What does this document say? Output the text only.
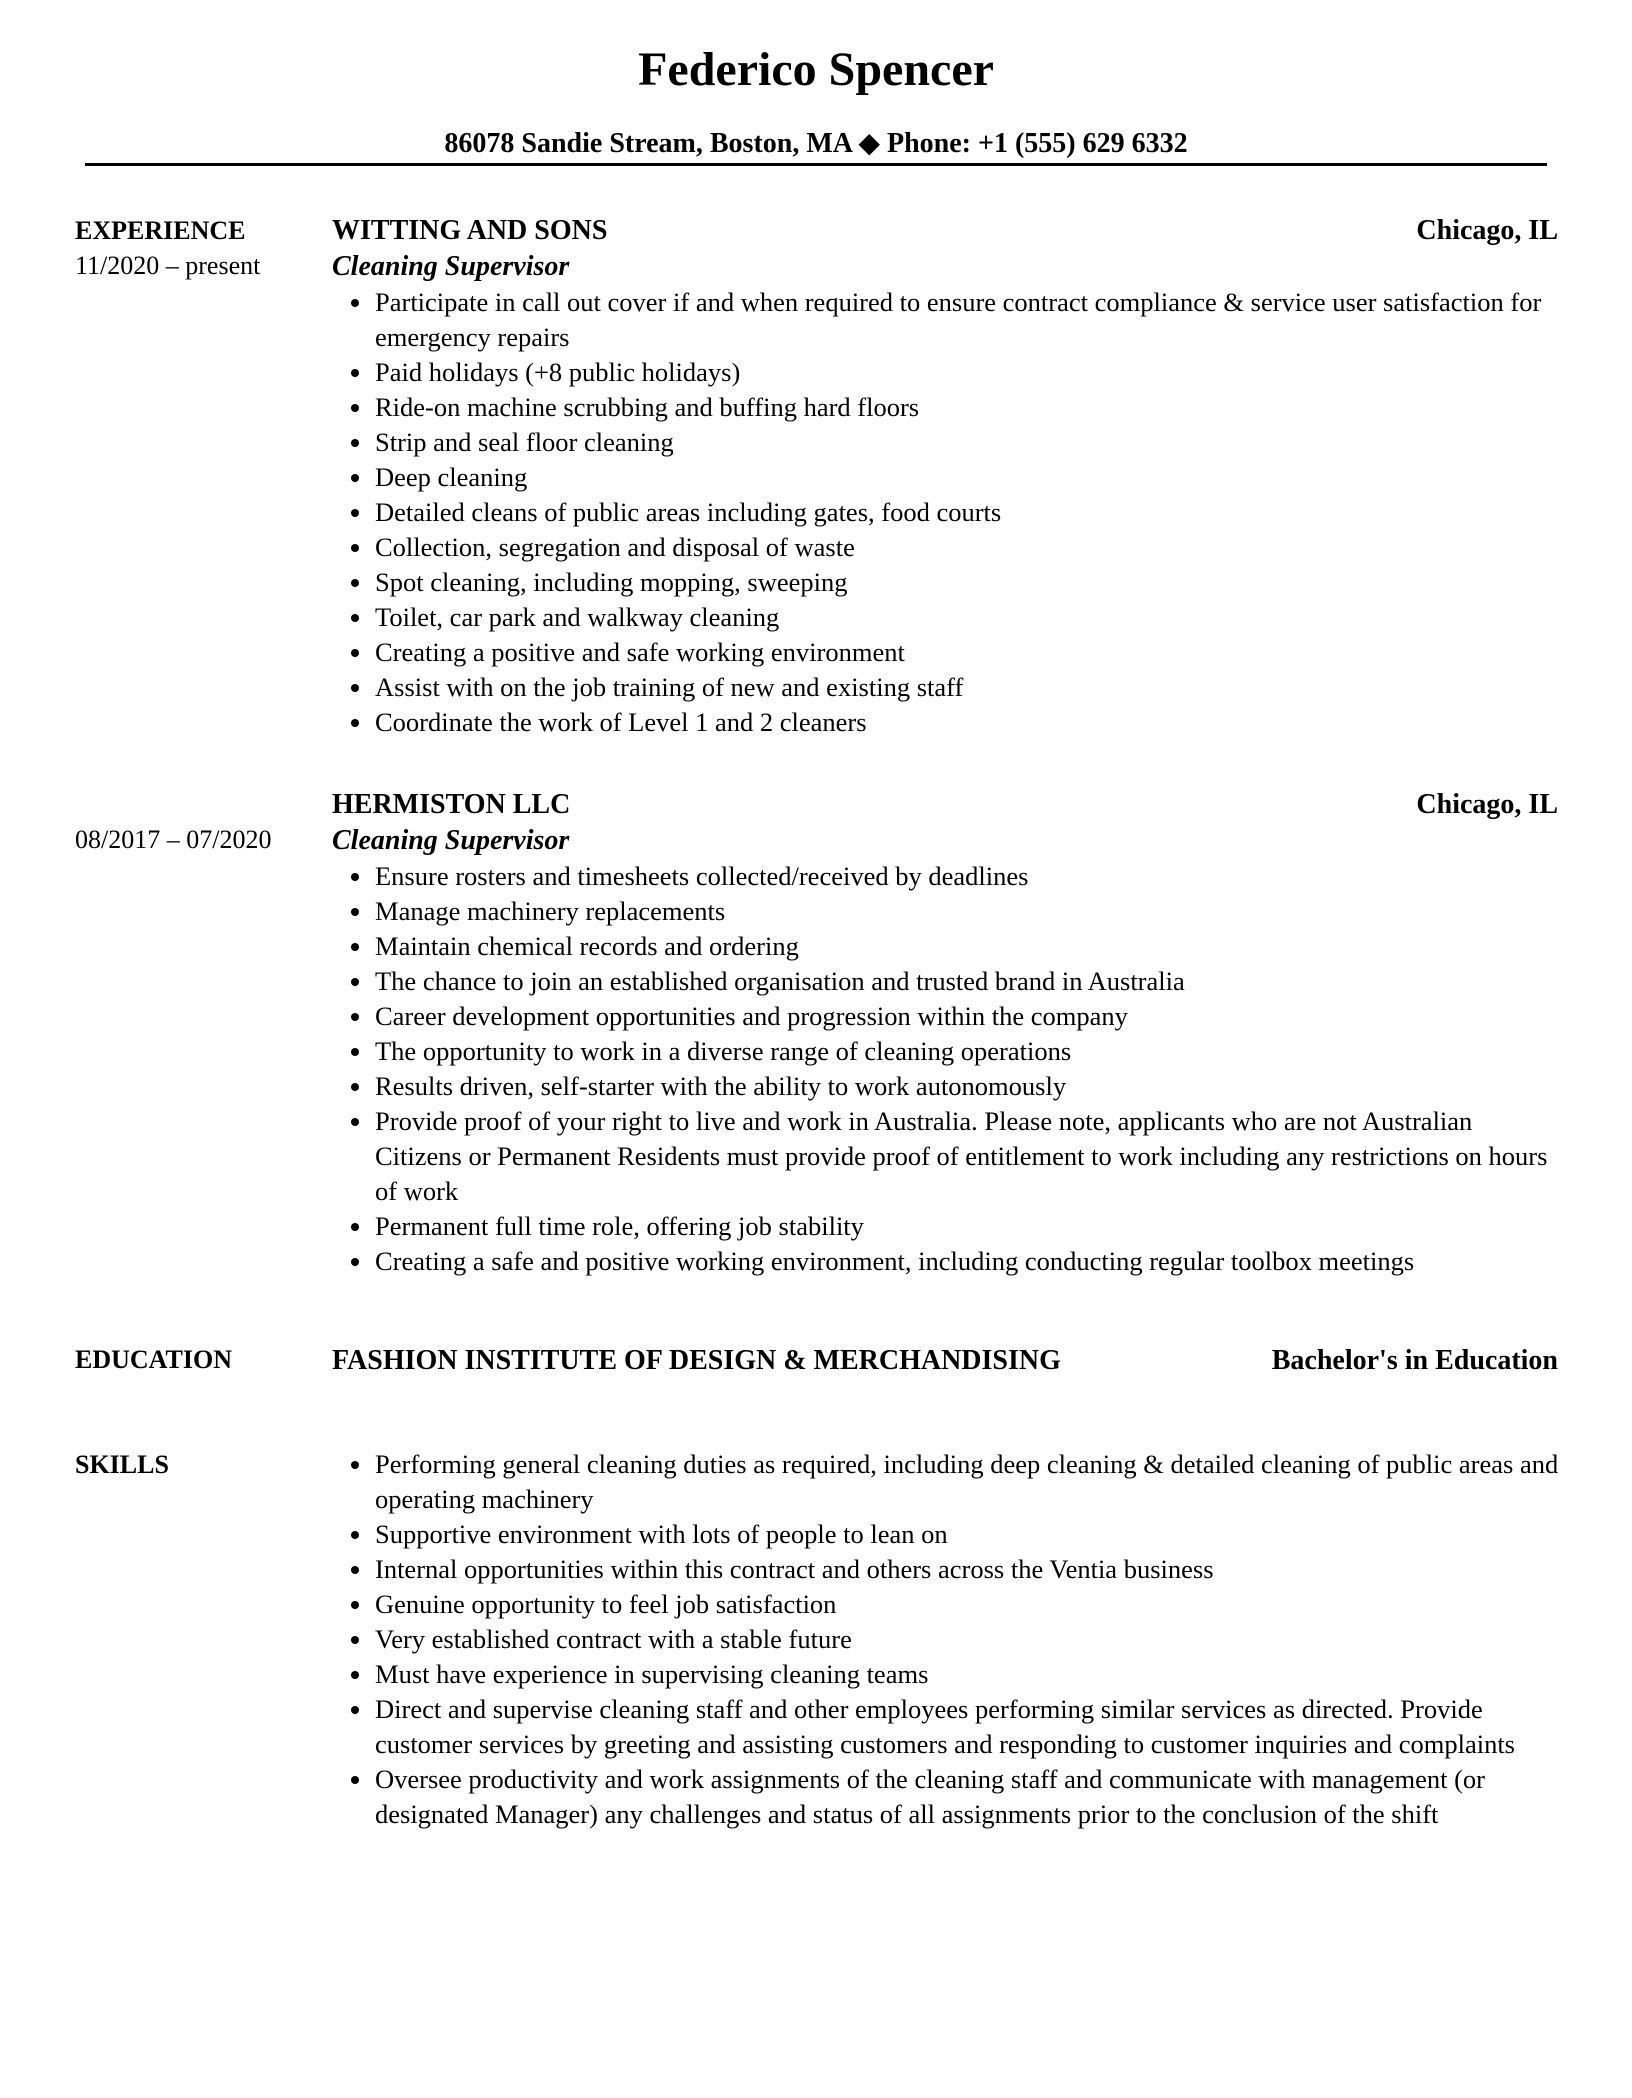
Federico Spencer
86078 Sandie Stream, Boston, MA ◆ Phone: +1 (555) 629 6332
EXPERIENCE
11/2020 – present
WITTING AND SONS	Chicago, IL
Cleaning Supervisor
Participate in call out cover if and when required to ensure contract compliance & service user satisfaction for emergency repairs
Paid holidays (+8 public holidays)
Ride-on machine scrubbing and buffing hard floors
Strip and seal floor cleaning
Deep cleaning
Detailed cleans of public areas including gates, food courts
Collection, segregation and disposal of waste
Spot cleaning, including mopping, sweeping
Toilet, car park and walkway cleaning
Creating a positive and safe working environment
Assist with on the job training of new and existing staff
Coordinate the work of Level 1 and 2 cleaners
08/2017 – 07/2020
HERMISTON LLC	Chicago, IL
Cleaning Supervisor
Ensure rosters and timesheets collected/received by deadlines
Manage machinery replacements
Maintain chemical records and ordering
The chance to join an established organisation and trusted brand in Australia
Career development opportunities and progression within the company
The opportunity to work in a diverse range of cleaning operations
Results driven, self-starter with the ability to work autonomously
Provide proof of your right to live and work in Australia. Please note, applicants who are not Australian Citizens or Permanent Residents must provide proof of entitlement to work including any restrictions on hours of work
Permanent full time role, offering job stability
Creating a safe and positive working environment, including conducting regular toolbox meetings
EDUCATION	FASHION INSTITUTE OF DESIGN & MERCHANDISING	Bachelor's in Education
SKILLS	Performing general cleaning duties as required, including deep cleaning & detailed cleaning of public areas and operating machinery
Supportive environment with lots of people to lean on
Internal opportunities within this contract and others across the Ventia business
Genuine opportunity to feel job satisfaction
Very established contract with a stable future
Must have experience in supervising cleaning teams
Direct and supervise cleaning staff and other employees performing similar services as directed. Provide customer services by greeting and assisting customers and responding to customer inquiries and complaints
Oversee productivity and work assignments of the cleaning staff and communicate with management (or designated Manager) any challenges and status of all assignments prior to the conclusion of the shift
